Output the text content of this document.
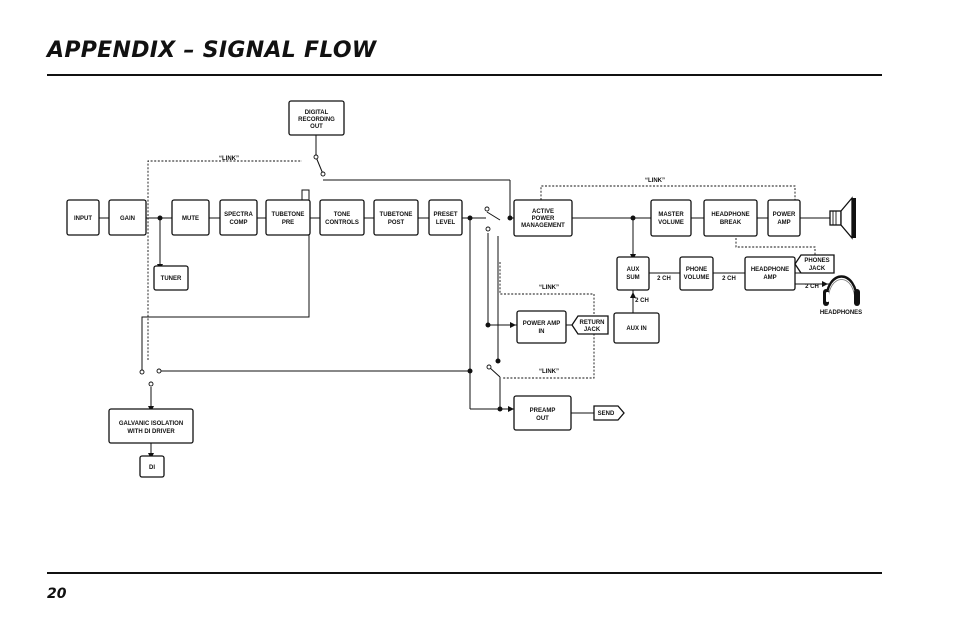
APPENDIX – SIGNAL FLOW
20
INPUT	GAIN	MUTE
TUNER
SPECTRA
COMP
TUBETONE
PRE
TONE
CONTROLS
TUBETONE
POST
PRESET
LEVEL
DIGITAL
RECORDING
OUT
ACTIVE
POWER
MANAGEMENT
MASTER
VOLUME
HEADPHONE
BREAK
POWER
AMP
AUX
SUM
PHONE
VOLUME
HEADPHONE
AMP
AUX IN
POWER AMP
IN
PREAMP
OUT
GALVANIC ISOLATION
WITH DI DRIVER
DI
RETURN
JACK
PHONES
JACK
SEND
“LINK”
“LINK”
“LINK”
“LINK”
2 CH	2 CH
2 CH
2 CH
HEADPHONES
